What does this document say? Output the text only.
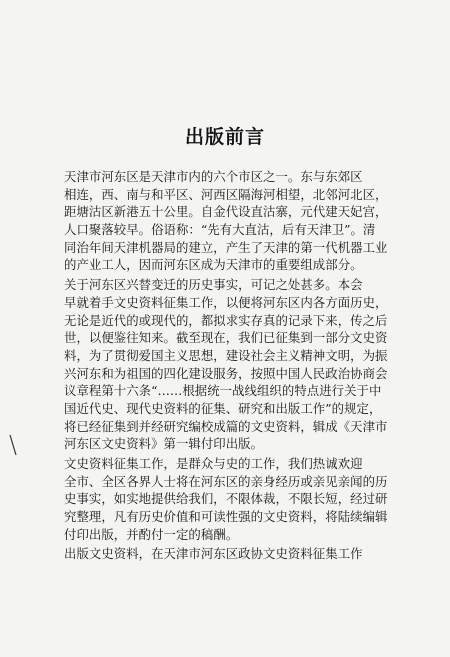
出版前言
天津市河东区是天津市内的六个市区之一。东与东郊区
相连，西、南与和平区、河西区隔海河相望，北邻河北区，
距塘沽区新港五十公里。自金代设直沽寨，元代建天妃宫，
人口聚落较早。俗语称：“先有大直沽，后有天津卫”。清
同治年间天津机器局的建立，产生了天津的第一代机器工业
的产业工人，因而河东区成为天津市的重要组成部分。
关于河东区兴替变迁的历史事实，可记之处甚多。本会
早就着手文史资料征集工作，以便将河东区内各方面历史，
无论是近代的或现代的，都拟求实存真的记录下来，传之后
世，以便鉴往知来。截至现在，我们已征集到一部分文史资
料，为了贯彻爱国主义思想，建设社会主义精神文明，为振
兴河东和为祖国的四化建设服务，按照中国人民政治协商会
议章程第十六条“……根据统一战线组织的特点进行关于中
国近代史、现代史资料的征集、研究和出版工作”的规定，
将已经征集到并经研究编校成篇的文史资料，辑成《天津市
河东区文史资料》第一辑付印出版。
文史资料征集工作，是群众与史的工作，我们热诚欢迎
全市、全区各界人士将在河东区的亲身经历或亲见亲闻的历
史事实，如实地提供给我们，不限体裁，不限长短，经过研
究整理，凡有历史价值和可读性强的文史资料，将陆续编辑
付印出版，并酌付一定的稿酬。
出版文史资料，在天津市河东区政协文史资料征集工作
